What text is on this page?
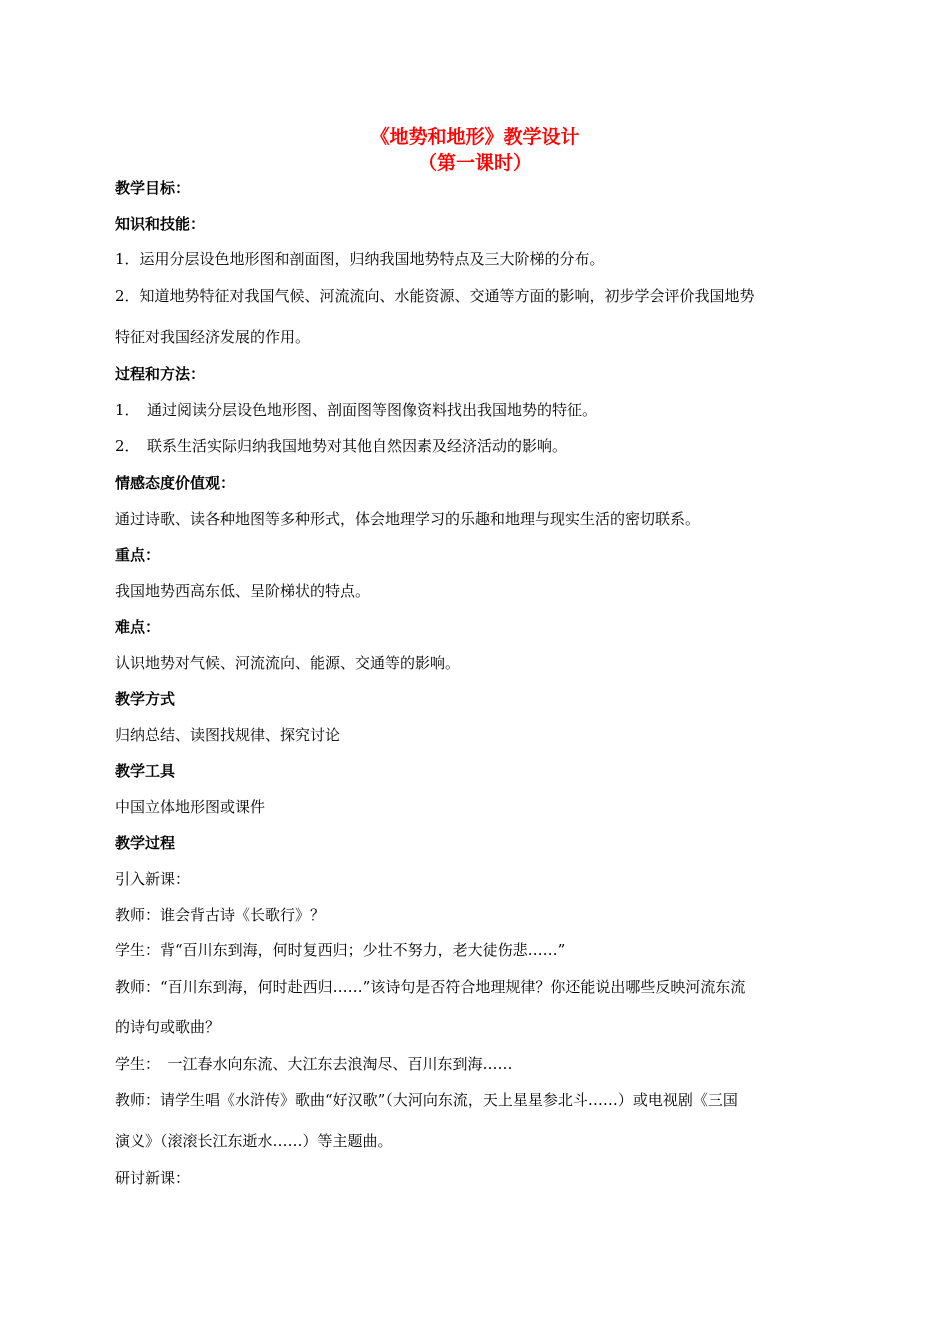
《地势和地形》教学设计
（第一课时）
教学目标：
知识和技能：
1．运用分层设色地形图和剖面图，归纳我国地势特点及三大阶梯的分布。
2．知道地势特征对我国气候、河流流向、水能资源、交通等方面的影响，初步学会评价我国地势
特征对我国经济发展的作用。
过程和方法：
1．　通过阅读分层设色地形图、剖面图等图像资料找出我国地势的特征。
2．　联系生活实际归纳我国地势对其他自然因素及经济活动的影响。
情感态度价值观：
通过诗歌、读各种地图等多种形式，体会地理学习的乐趣和地理与现实生活的密切联系。
重点：
我国地势西高东低、呈阶梯状的特点。
难点：
认识地势对气候、河流流向、能源、交通等的影响。
教学方式
归纳总结、读图找规律、探究讨论
教学工具
中国立体地形图或课件
教学过程
引入新课：
教师：谁会背古诗《长歌行》？
学生：背“百川东到海，何时复西归；少壮不努力，老大徒伤悲……”
教师：“百川东到海，何时赴西归……”该诗句是否符合地理规律？你还能说出哪些反映河流东流
的诗句或歌曲？
学生：　一江春水向东流、大江东去浪淘尽、百川东到海……
教师：请学生唱《水浒传》歌曲“好汉歌”（大河向东流，天上星星参北斗……）或电视剧《三国
演义》（滚滚长江东逝水……）等主题曲。
研讨新课：
